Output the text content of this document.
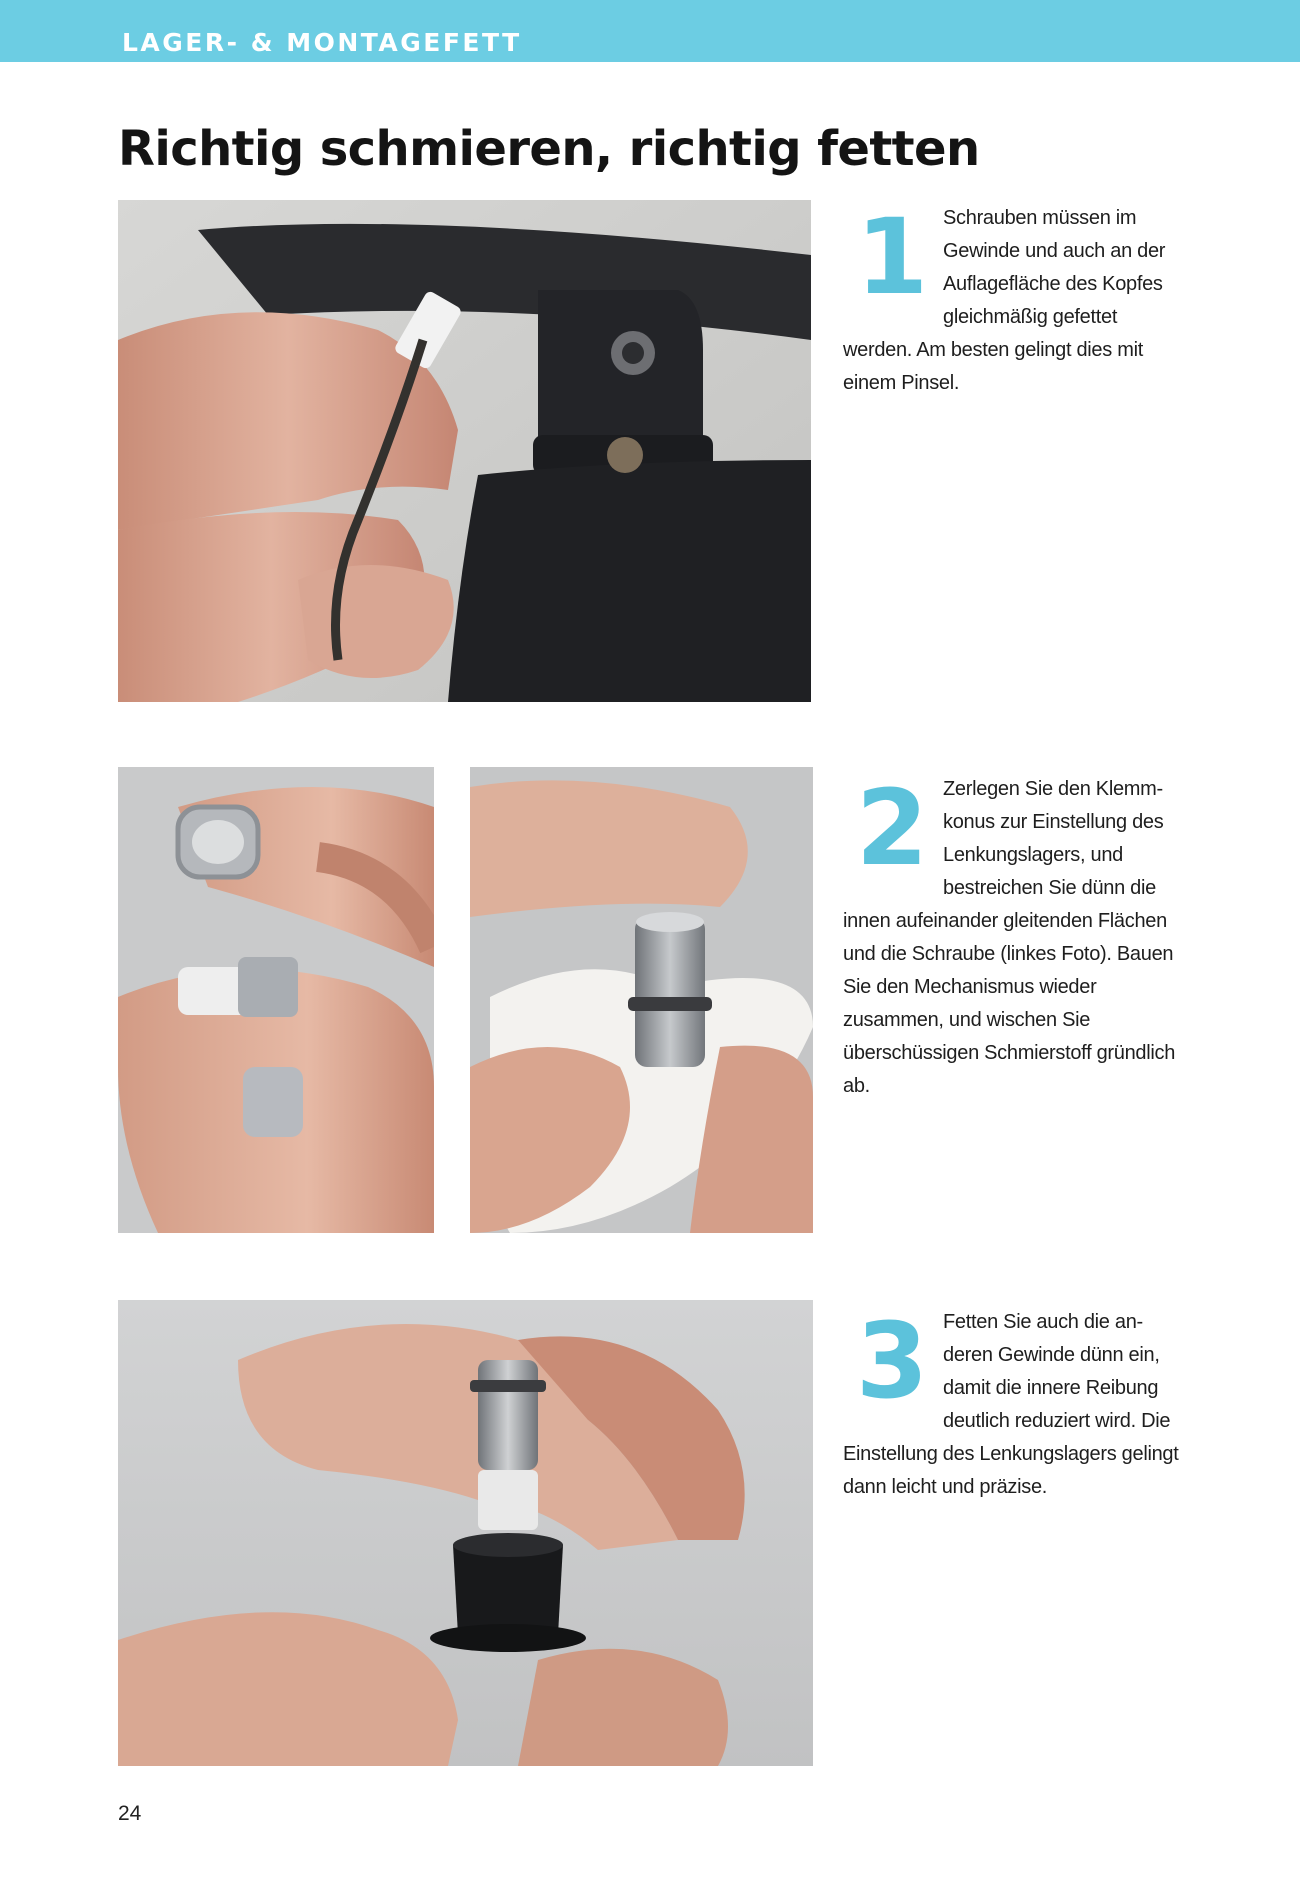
LAGER- & MONTAGEFETT
Richtig schmieren, richtig fetten
1 Schrauben müssen im Gewinde und auch an der Auflagefläche des Kopfes gleichmäßig gefettet werden. Am besten gelingt dies mit einem Pinsel.

2 Zerlegen Sie den Klemmkonus zur Einstellung des Lenkungslagers, und bestreichen Sie dünn die innen aufeinander gleitenden Flächen und die Schraube (linkes Foto). Bauen Sie den Mechanismus wieder zusammen, und wischen Sie überschüssigen Schmierstoff gründlich ab.

3 Fetten Sie auch die anderen Gewinde dünn ein, damit die innere Reibung deutlich reduziert wird. Die Einstellung des Lenkungslagers gelingt dann leicht und präzise.

24
